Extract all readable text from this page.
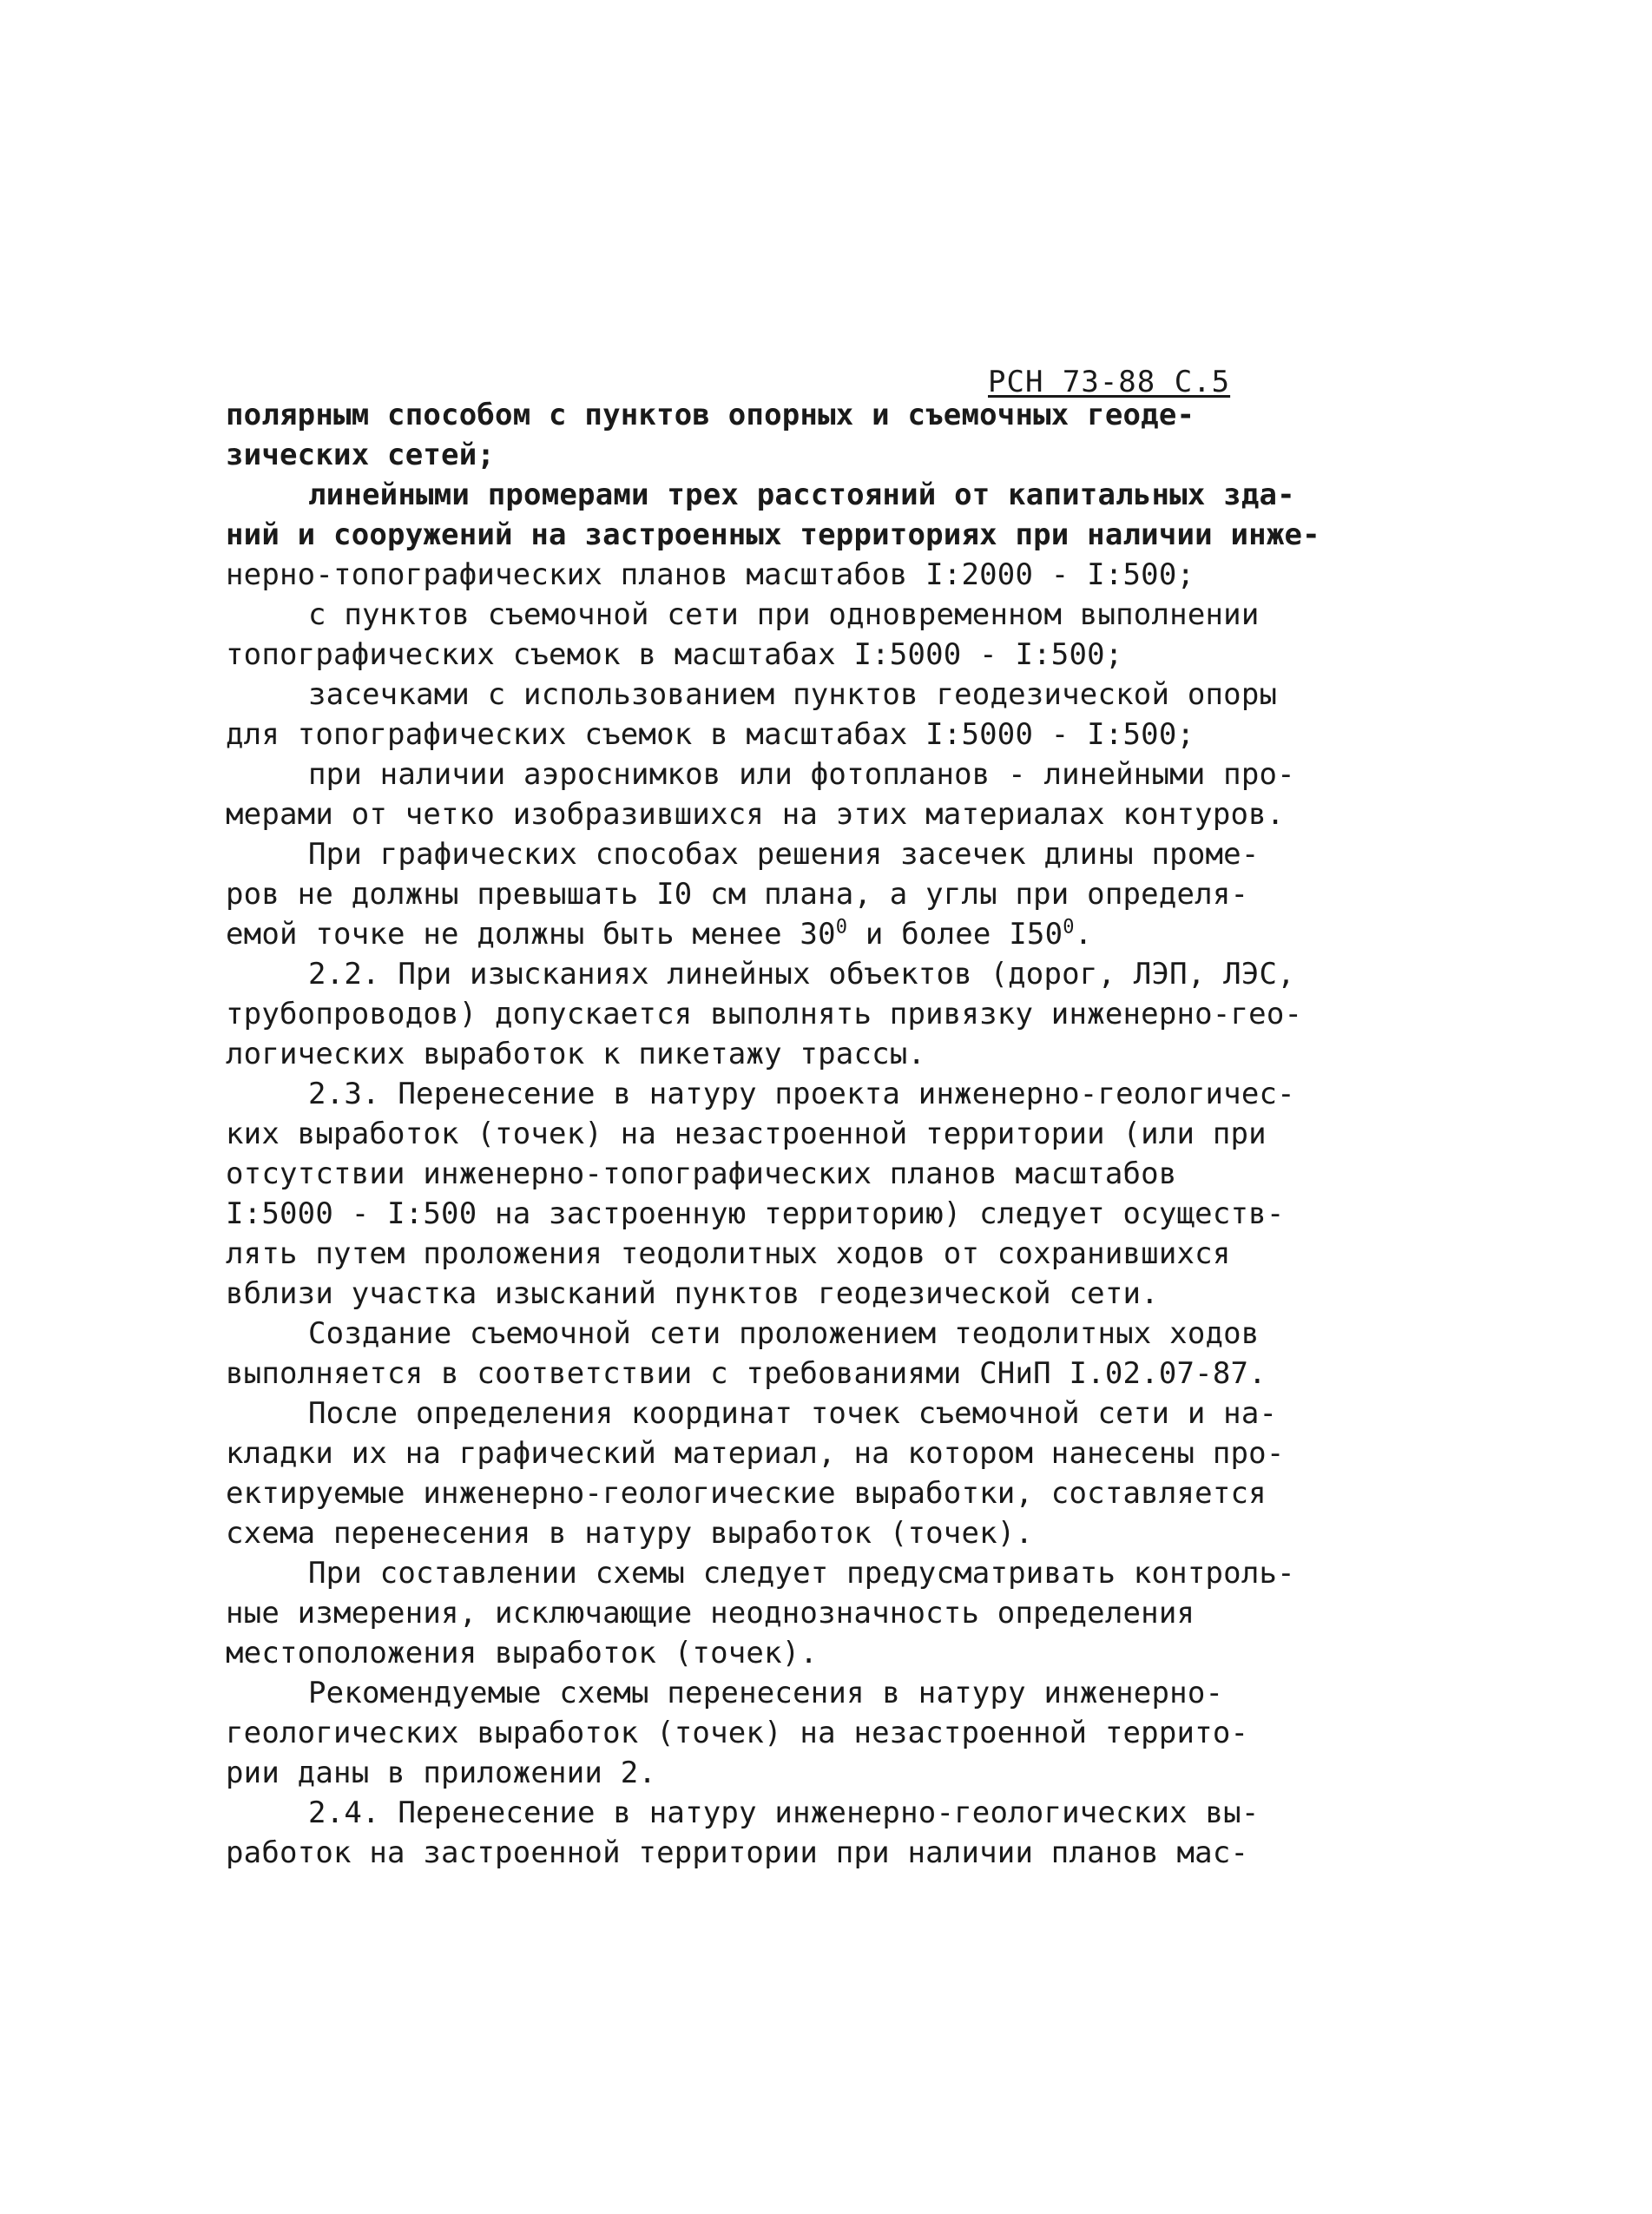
РСН 73-88 С.5
полярным способом с пунктов опорных и съемочных геоде-
зических сетей;
линейными промерами трех расстояний от капитальных зда-
ний и сооружений на застроенных территориях при наличии инже-
нерно-топографических планов масштабов I:2000 - I:500;
с пунктов съемочной сети при одновременном выполнении
топографических съемок в масштабах I:5000 - I:500;
засечками с использованием пунктов геодезической опоры
для топографических съемок в масштабах I:5000 - I:500;
при наличии аэроснимков или фотопланов - линейными про-
мерами от четко изобразившихся на этих материалах контуров.
При графических способах решения засечек длины проме-
ров не должны превышать I0 см плана, а углы при определя-
емой точке не должны быть менее $30^0$ и более $I50^0$.
2.2. При изысканиях линейных объектов (дорог, ЛЭП, ЛЭС,
трубопроводов) допускается выполнять привязку инженерно-гео-
логических выработок к пикетажу трассы.
2.3. Перенесение в натуру проекта инженерно-геологичес-
ких выработок (точек) на незастроенной территории (или при
отсутствии инженерно-топографических планов масштабов
I:5000 - I:500 на застроенную территорию) следует осуществ-
лять путем проложения теодолитных ходов от сохранившихся
вблизи участка изысканий пунктов геодезической сети.
Создание съемочной сети проложением теодолитных ходов
выполняется в соответствии с требованиями СНиП I.02.07-87.
После определения координат точек съемочной сети и на-
кладки их на графический материал, на котором нанесены про-
ектируемые инженерно-геологические выработки, составляется
схема перенесения в натуру выработок (точек).
При составлении схемы следует предусматривать контроль-
ные измерения, исключающие неоднозначность определения
местоположения выработок (точек).
Рекомендуемые схемы перенесения в натуру инженерно-
геологических выработок (точек) на незастроенной террито-
рии даны в приложении 2.
2.4. Перенесение в натуру инженерно-геологических вы-
работок на застроенной территории при наличии планов мас-
